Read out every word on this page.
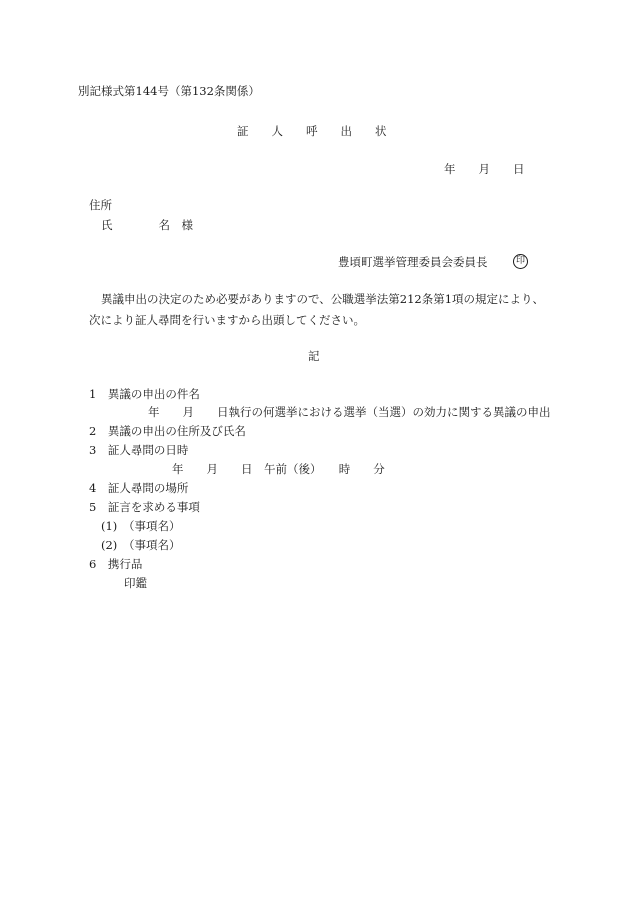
別記様式第144号（第132条関係）
証　　人　　呼　　出　　状
年　　月　　日
住所
氏　　　　名　様
豊頃町選挙管理委員会委員長	印
異議申出の決定のため必要がありますので、公職選挙法第212条第1項の規定により、
次により証人尋問を行いますから出頭してください。
記
1　異議の申出の件名
年　　月　　日執行の何選挙における選挙（当選）の効力に関する異議の申出
2　異議の申出の住所及び氏名
3　証人尋問の日時
年　　月　　日　午前（後）　　時　　分
4　証人尋問の場所
5　証言を求める事項
(1)　（事項名）
(2)　（事項名）
6　携行品
印鑑
